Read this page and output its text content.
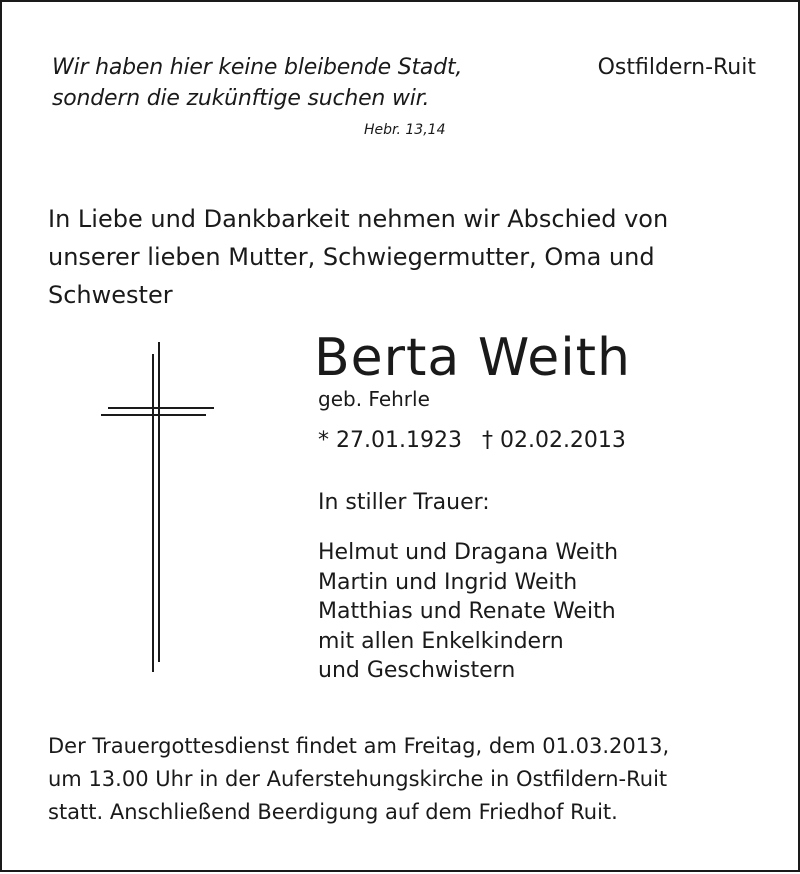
Wir haben hier keine bleibende Stadt,
sondern die zukünftige suchen wir.
Hebr. 13,14
Ostfildern-Ruit
In Liebe und Dankbarkeit nehmen wir Abschied von
unserer lieben Mutter, Schwiegermutter, Oma und
Schwester
Berta Weith
geb. Fehrle
* 27.01.1923 † 02.02.2013
In stiller Trauer:
Helmut und Dragana Weith
Martin und Ingrid Weith
Matthias und Renate Weith
mit allen Enkelkindern
und Geschwistern
Der Trauergottesdienst findet am Freitag, dem 01.03.2013,
um 13.00 Uhr in der Auferstehungskirche in Ostfildern-Ruit
statt. Anschließend Beerdigung auf dem Friedhof Ruit.
